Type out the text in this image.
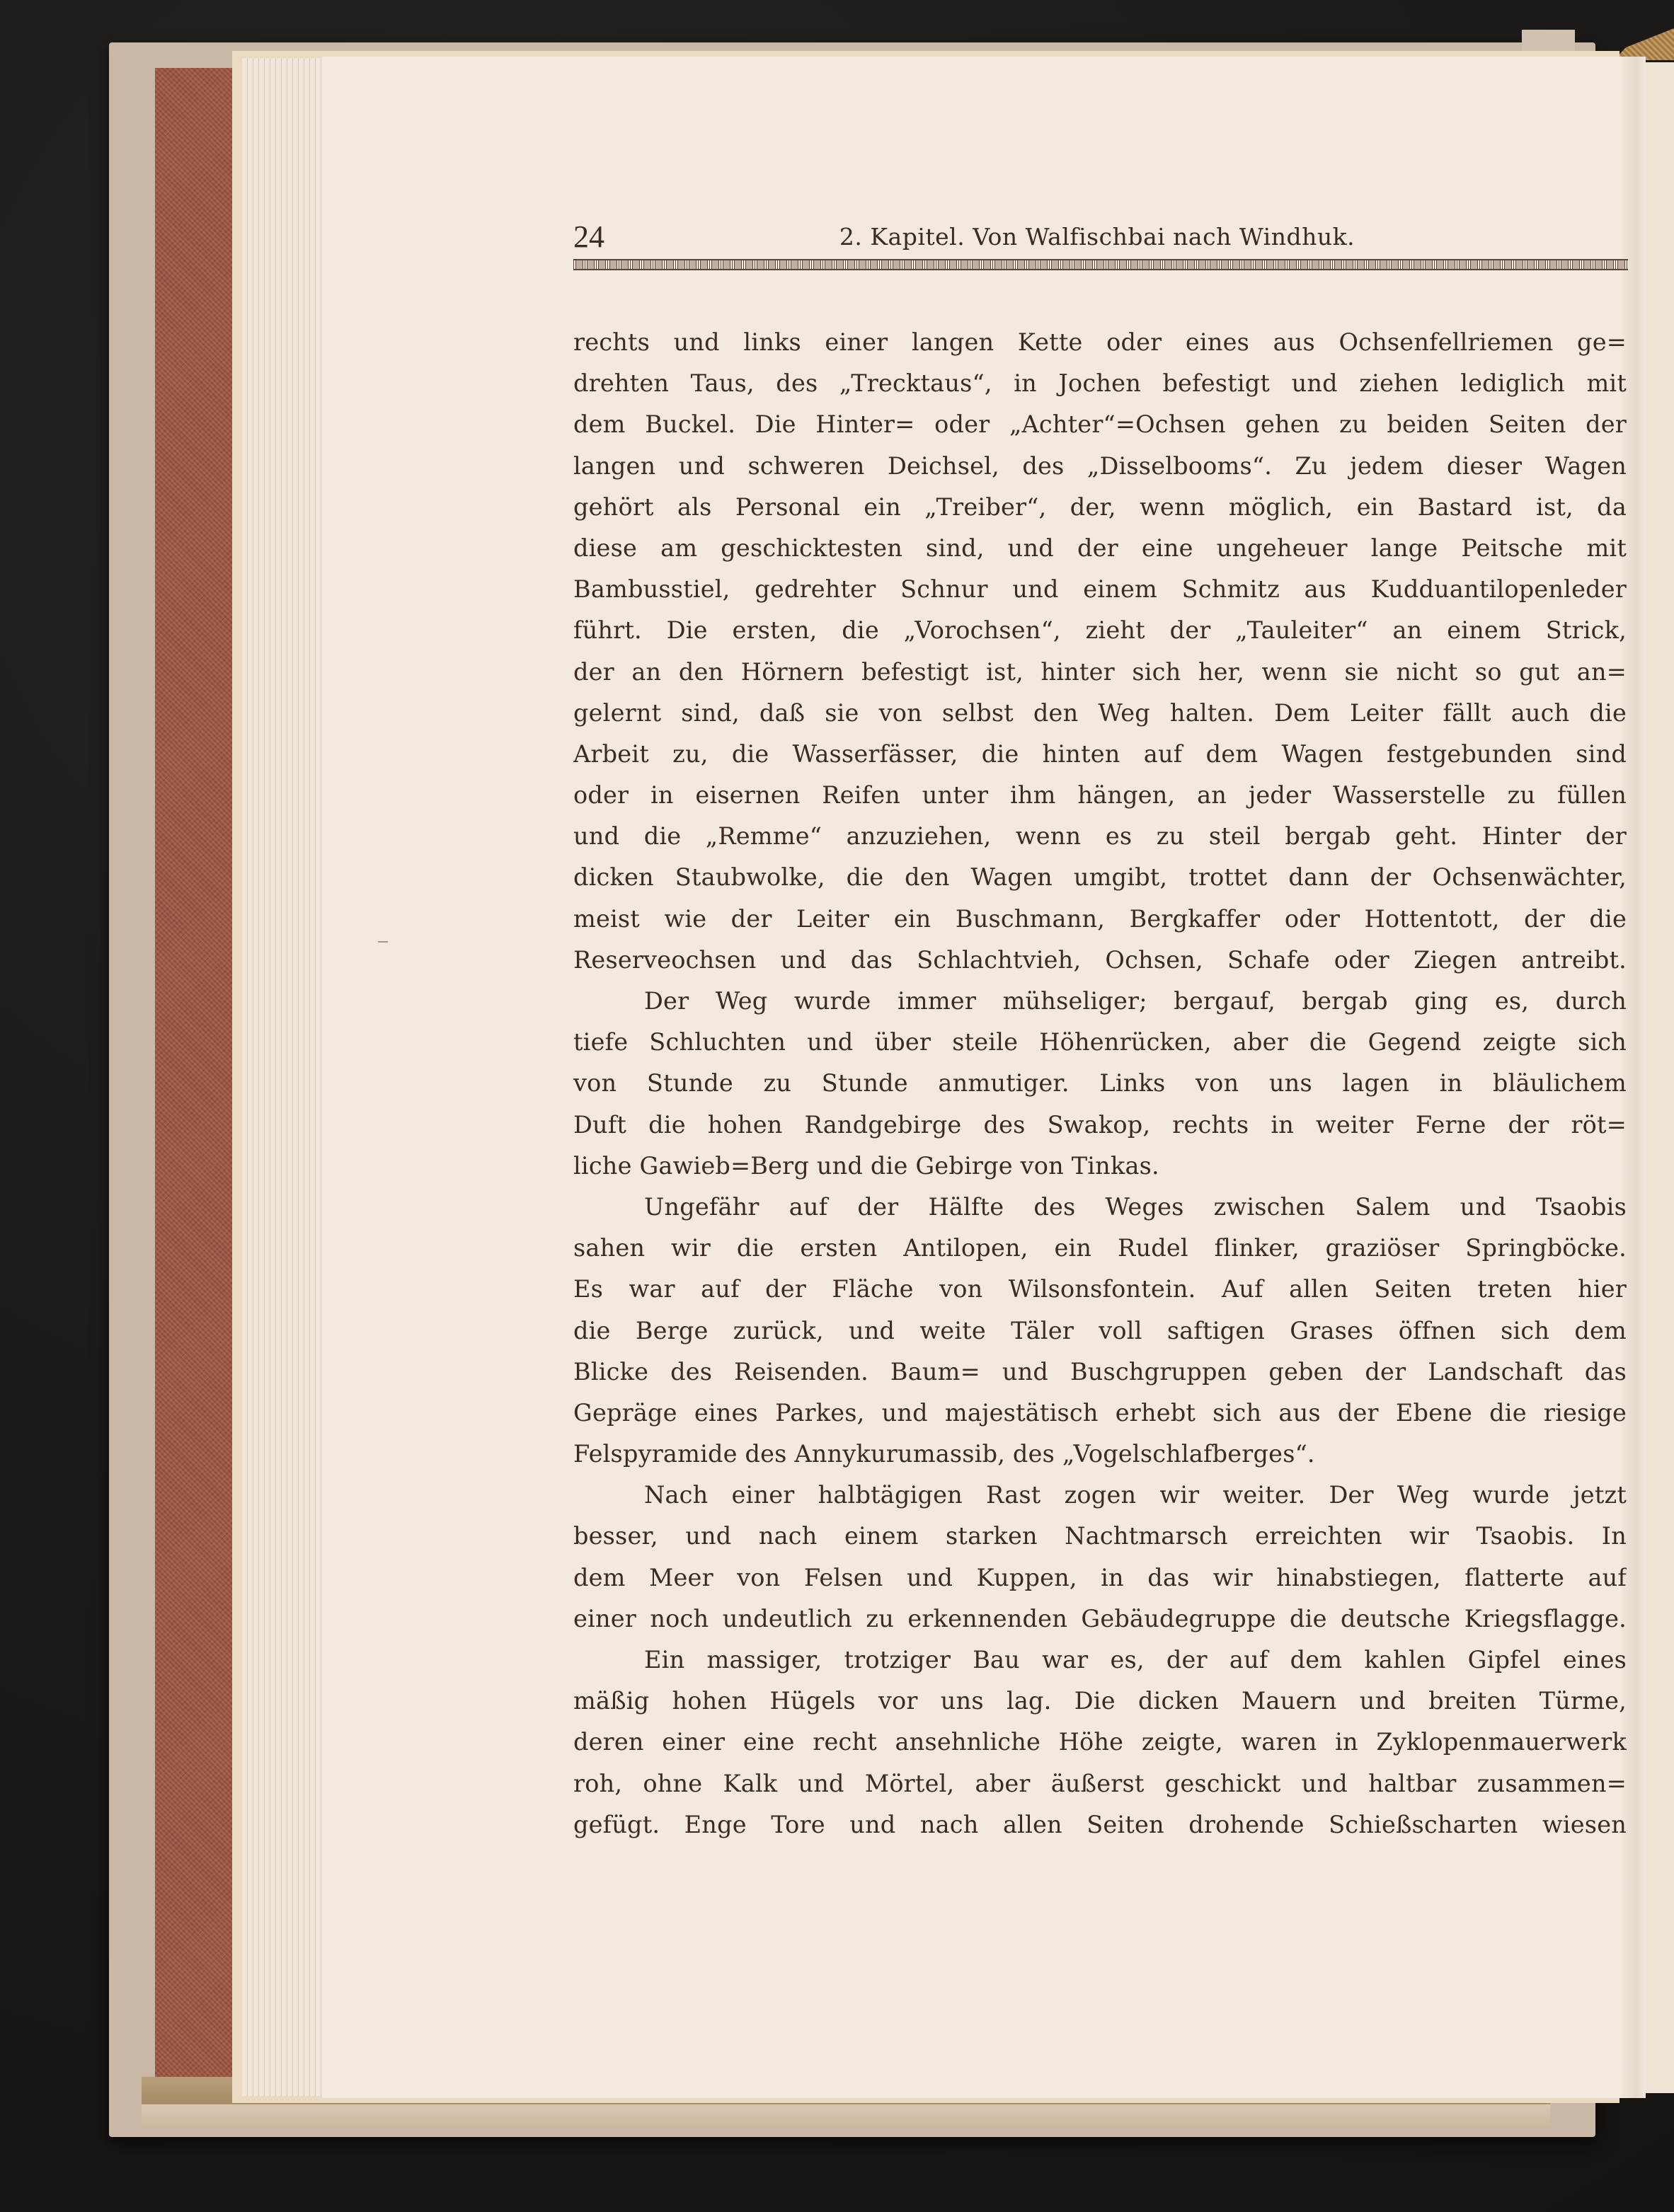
24	2. Kapitel. Von Walfischbai nach Windhuk.
rechts und links einer langen Kette oder eines aus Ochsenfellriemen ge=
drehten Taus, des „Trecktaus“, in Jochen befestigt und ziehen lediglich mit
dem Buckel. Die Hinter= oder „Achter“=Ochsen gehen zu beiden Seiten der
langen und schweren Deichsel, des „Disselbooms“. Zu jedem dieser Wagen
gehört als Personal ein „Treiber“, der, wenn möglich, ein Bastard ist, da
diese am geschicktesten sind, und der eine ungeheuer lange Peitsche mit
Bambusstiel, gedrehter Schnur und einem Schmitz aus Kudduantilopenleder
führt. Die ersten, die „Vorochsen“, zieht der „Tauleiter“ an einem Strick,
der an den Hörnern befestigt ist, hinter sich her, wenn sie nicht so gut an=
gelernt sind, daß sie von selbst den Weg halten. Dem Leiter fällt auch die
Arbeit zu, die Wasserfässer, die hinten auf dem Wagen festgebunden sind
oder in eisernen Reifen unter ihm hängen, an jeder Wasserstelle zu füllen
und die „Remme“ anzuziehen, wenn es zu steil bergab geht. Hinter der
dicken Staubwolke, die den Wagen umgibt, trottet dann der Ochsenwächter,
meist wie der Leiter ein Buschmann, Bergkaffer oder Hottentott, der die
Reserveochsen und das Schlachtvieh, Ochsen, Schafe oder Ziegen antreibt.
Der Weg wurde immer mühseliger; bergauf, bergab ging es, durch
tiefe Schluchten und über steile Höhenrücken, aber die Gegend zeigte sich
von Stunde zu Stunde anmutiger. Links von uns lagen in bläulichem
Duft die hohen Randgebirge des Swakop, rechts in weiter Ferne der röt=
liche Gawieb=Berg und die Gebirge von Tinkas.
Ungefähr auf der Hälfte des Weges zwischen Salem und Tsaobis
sahen wir die ersten Antilopen, ein Rudel flinker, graziöser Springböcke.
Es war auf der Fläche von Wilsonsfontein. Auf allen Seiten treten hier
die Berge zurück, und weite Täler voll saftigen Grases öffnen sich dem
Blicke des Reisenden. Baum= und Buschgruppen geben der Landschaft das
Gepräge eines Parkes, und majestätisch erhebt sich aus der Ebene die riesige
Felspyramide des Annykurumassib, des „Vogelschlafberges“.
Nach einer halbtägigen Rast zogen wir weiter. Der Weg wurde jetzt
besser, und nach einem starken Nachtmarsch erreichten wir Tsaobis. In
dem Meer von Felsen und Kuppen, in das wir hinabstiegen, flatterte auf
einer noch undeutlich zu erkennenden Gebäudegruppe die deutsche Kriegsflagge.
Ein massiger, trotziger Bau war es, der auf dem kahlen Gipfel eines
mäßig hohen Hügels vor uns lag. Die dicken Mauern und breiten Türme,
deren einer eine recht ansehnliche Höhe zeigte, waren in Zyklopenmauerwerk
roh, ohne Kalk und Mörtel, aber äußerst geschickt und haltbar zusammen=
gefügt. Enge Tore und nach allen Seiten drohende Schießscharten wiesen
